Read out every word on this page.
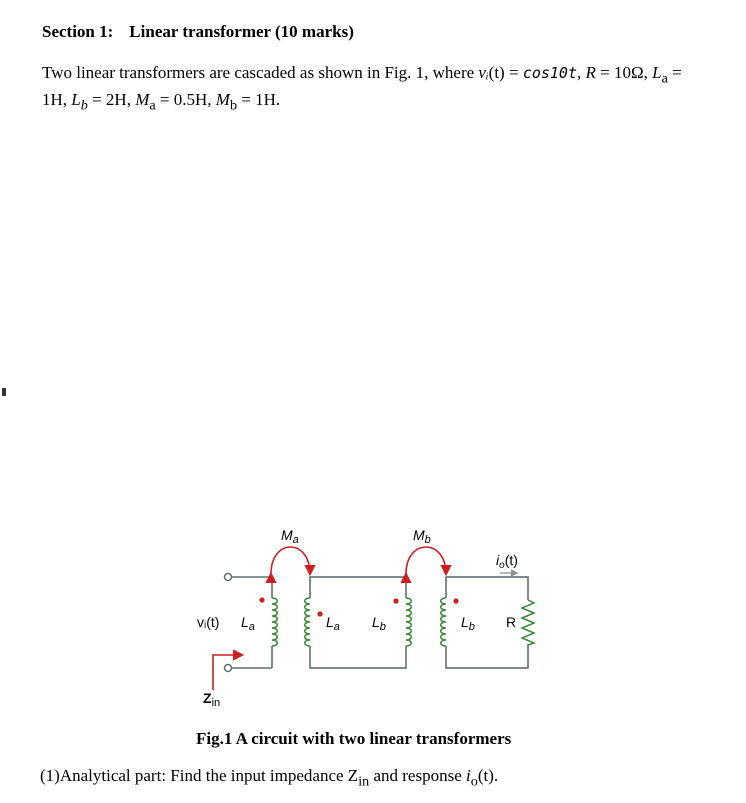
Section 1: Linear transformer (10 marks)
Two linear transformers are cascaded as shown in Fig. 1, where vᵢ(t) = cos10t, R = 10Ω, $L_a = 1H$, $L_b = 2H$, $M_a = 0.5H$, $M_b = 1H$.
$M_a$	$M_b$
$i_o(t)$
vᵢ(t) $L_a$	$L_a$ $L_b$	$L_b$ R
$Z_{in}$
Fig.1 A circuit with two linear transformers
(1)Analytical part: Find the input impedance $Z_{in}$ and response $i_o(t)$.
